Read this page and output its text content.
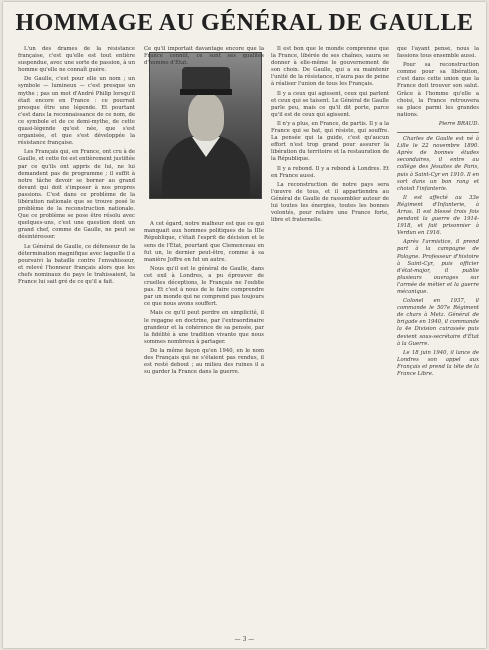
HOMMAGE AU GÉNÉRAL DE GAULLE

L'un des drames de la résistance française, c'est qu'elle est tout entière suspendue, avec une sorte de passion, à un homme qu'elle ne connaît guère.

De Gaulle, c'est pour elle un nom ; un symbole — lumineux — c'est presque un mythe ; pas un mot d'André Philip lorsqu'il était encore en France : ce pourrait presque être une légende. Et pourtant c'est dans la reconnaissance de ce nom, de ce symbole et de ce demi-mythe, de cette quasi-légende qu'est née, que s'est organisée, et que s'est développée la résistance française.

Les Français qui, en France, ont cru à de Gaulle, et cette foi est entièrement justifiée par ce qu'ils ont appris de lui, ne lui demandent pas de programme ; il suffit à notre tâche devoir se borner au grand devant qui doit s'imposer à nos propres passions. C'est dans ce problème de la libération nationale que se trouve posé le problème de la reconstruction nationale. Que ce problème se pose être résolu avec quelques-uns, c'est une question dont un grand chef, comme de Gaulle, ne peut se désintéresser.

Le Général de Gaulle, ce défenseur de la détermination magnifique avec laquelle il a poursuivi la bataille contre l'envahisseur, et relevé l'honneur français alors que les chefs nominaux du pays le trahissaient, la France lui sait gré de ce qu'il a fait.

Ce qu'il importait davantage encore que la France connût, ce sont ses qualités d'homme d'État.

A cet égard, notre malheur est que ce qui manquait aux hommes politiques de la IIIe République, c'était l'esprit de décision et le sens de l'État, pourtant que Clemenceau en fut un, le dernier peut-être, comme à sa manière Joffre en fut un autre.

Nous qu'il est le général de Gaulle, dans cet exil à Londres, a pu éprouver de cruelles déceptions, le Français ne l'oublie pas. Et c'est à nous de le faire comprendre par un monde qui ne comprend pas toujours ce que nous avons souffert.

Mais ce qu'il peut perdre en simplicité, il le regagne en doctrine, par l'extraordinaire grandeur et la cohérence de sa pensée, par la fidélité à une tradition vivante que nous sommes nombreux à partager.

De la même façon qu'en 1940, en le nom des Français qui ne s'étaient pas rendus, il est resté debout ; au milieu des ruines il a su garder la France dans la guerre.

Il est bon que le monde comprenne que la France, libérée de ses chaînes, saura se donner à elle-même le gouvernement de son choix. De Gaulle, qui a su maintenir l'unité de la résistance, n'aura pas de peine à réaliser l'union de tous les Français.

Il y a ceux qui agissent, ceux qui parlent et ceux qui se taisent. Le Général de Gaulle parle peu, mais ce qu'il dit porte, parce qu'il est de ceux qui agissent.

Il n'y a plus, en France, de partis. Il y a la France qui se bat, qui résiste, qui souffre. La pensée qui la guide, c'est qu'aucun effort n'est trop grand pour assurer la libération du territoire et la restauration de la République.

Il y a rebond. Il y a rebond à Londres. Et en France aussi.

La reconstruction de notre pays sera l'œuvre de tous, et il appartiendra au Général de Gaulle de rassembler autour de lui toutes les énergies, toutes les bonnes volontés, pour refaire une France forte, libre et fraternelle.

que l'ayant pensé, nous la fassions tous ensemble aussi.

Pour sa reconstruction comme pour sa libération, c'est dans cette union que la France doit trouver son salut. Grâce à l'homme qu'elle a choisi, la France retrouvera sa place parmi les grandes nations.

Pierre BRAUD.

Charles de Gaulle est né à Lille le 22 novembre 1890. Après de bonnes études secondaires, il entre au collège des Jésuites de Paris, puis à Saint-Cyr en 1910. Il en sort dans un bon rang et choisit l'infanterie.

Il est affecté au 33e Régiment d'Infanterie, à Arras. Il est blessé trois fois pendant la guerre de 1914-1918, et fait prisonnier à Verdun en 1916.

Après l'armistice, il prend part à la campagne de Pologne. Professeur d'histoire à Saint-Cyr, puis officier d'état-major, il publie plusieurs ouvrages sur l'armée de métier et la guerre mécanique.

Colonel en 1937, il commande le 507e Régiment de chars à Metz. Général de brigade en 1940, il commande la 4e Division cuirassée puis devient sous-secrétaire d'État à la Guerre.

Le 18 juin 1940, il lance de Londres son appel aux Français et prend la tête de la France Libre.

— 3 —
